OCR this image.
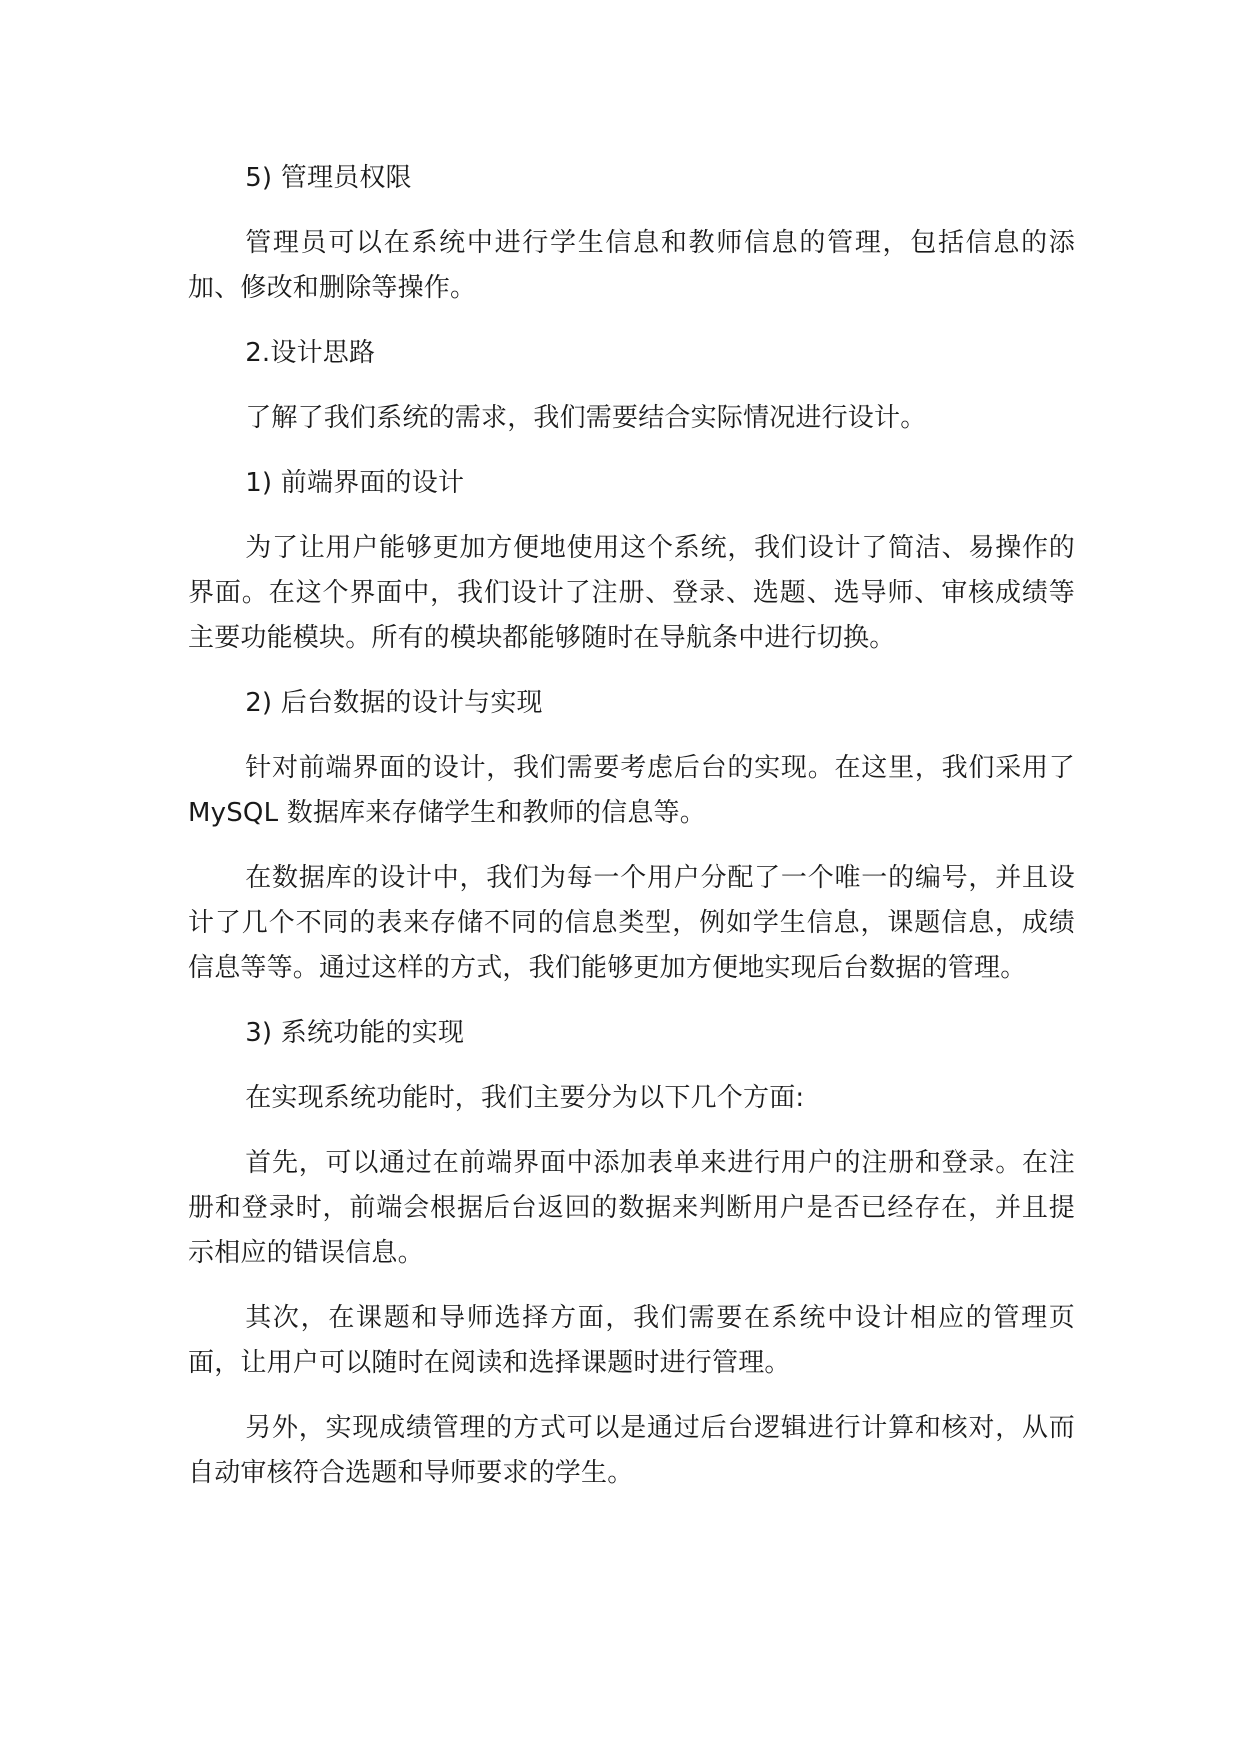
5) 管理员权限

管理员可以在系统中进行学生信息和教师信息的管理，包括信息的添加、修改和删除等操作。

2.设计思路

了解了我们系统的需求，我们需要结合实际情况进行设计。

1) 前端界面的设计

为了让用户能够更加方便地使用这个系统，我们设计了简洁、易操作的界面。在这个界面中，我们设计了注册、登录、选题、选导师、审核成绩等主要功能模块。所有的模块都能够随时在导航条中进行切换。

2) 后台数据的设计与实现

针对前端界面的设计，我们需要考虑后台的实现。在这里，我们采用了 MySQL 数据库来存储学生和教师的信息等。

在数据库的设计中，我们为每一个用户分配了一个唯一的编号，并且设计了几个不同的表来存储不同的信息类型，例如学生信息，课题信息，成绩信息等等。通过这样的方式，我们能够更加方便地实现后台数据的管理。

3) 系统功能的实现

在实现系统功能时，我们主要分为以下几个方面:

首先，可以通过在前端界面中添加表单来进行用户的注册和登录。在注册和登录时，前端会根据后台返回的数据来判断用户是否已经存在，并且提示相应的错误信息。

其次，在课题和导师选择方面，我们需要在系统中设计相应的管理页面，让用户可以随时在阅读和选择课题时进行管理。

另外，实现成绩管理的方式可以是通过后台逻辑进行计算和核对，从而自动审核符合选题和导师要求的学生。
